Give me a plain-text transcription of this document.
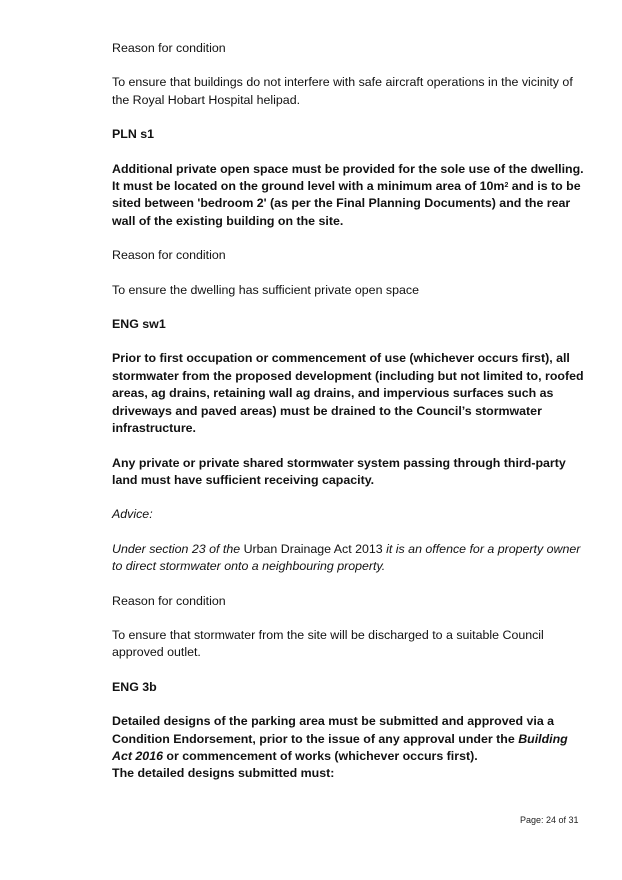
Reason for condition

To ensure that buildings do not interfere with safe aircraft operations in the vicinity of the Royal Hobart Hospital helipad.

PLN s1

Additional private open space must be provided for the sole use of the dwelling. It must be located on the ground level with a minimum area of $10m^2$ and is to be sited between 'bedroom 2' (as per the Final Planning Documents) and the rear wall of the existing building on the site.

Reason for condition

To ensure the dwelling has sufficient private open space

ENG sw1

Prior to first occupation or commencement of use (whichever occurs first), all stormwater from the proposed development (including but not limited to, roofed areas, ag drains, retaining wall ag drains, and impervious surfaces such as driveways and paved areas) must be drained to the Council’s stormwater infrastructure.

Any private or private shared stormwater system passing through third-party land must have sufficient receiving capacity.

Advice:

Under section 23 of the Urban Drainage Act 2013 it is an offence for a property owner to direct stormwater onto a neighbouring property.

Reason for condition

To ensure that stormwater from the site will be discharged to a suitable Council approved outlet.

ENG 3b

Detailed designs of the parking area must be submitted and approved via a Condition Endorsement, prior to the issue of any approval under the Building Act 2016 or commencement of works (whichever occurs first).

The detailed designs submitted must:

Page: 24 of 31
